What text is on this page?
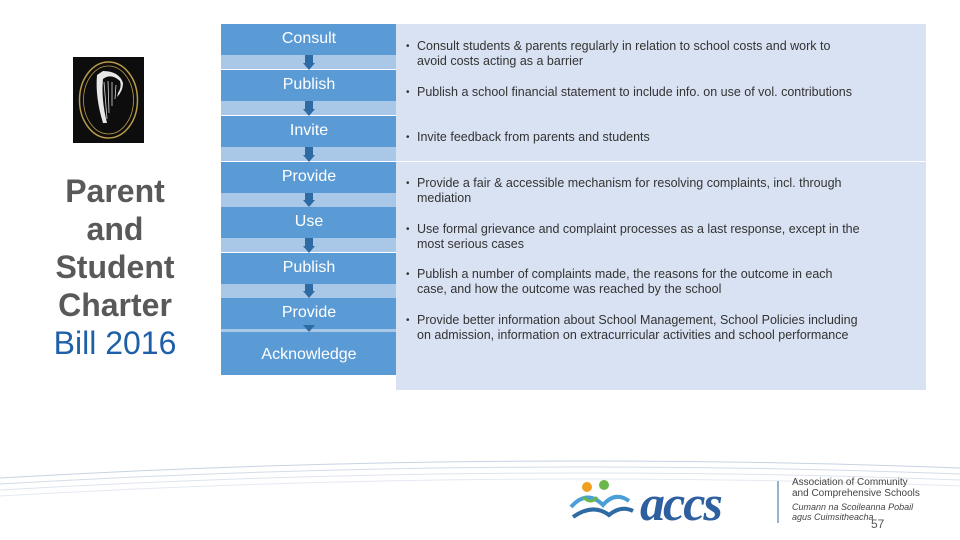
Parent
and
Student
Charter
Bill 2016
Consult
Publish
Invite
Provide
Use
Publish
Provide
Acknowledge
• Consult students & parents regularly in relation to school costs and work to
avoid costs acting as a barrier
• Publish a school financial statement to include info. on use of vol. contributions
• Invite feedback from parents and students
• Provide a fair & accessible mechanism for resolving complaints, incl. through
mediation
• Use formal grievance and complaint processes as a last response, except in the
most serious cases
• Publish a number of complaints made, the reasons for the outcome in each
case, and how the outcome was reached by the school
• Provide better information about School Management, School Policies including
on admission, information on extracurricular activities and school performance
accs	Association of Community
and Comprehensive Schools
Cumann na Scoileanna Pobail
agus Cuimsitheacha
57
